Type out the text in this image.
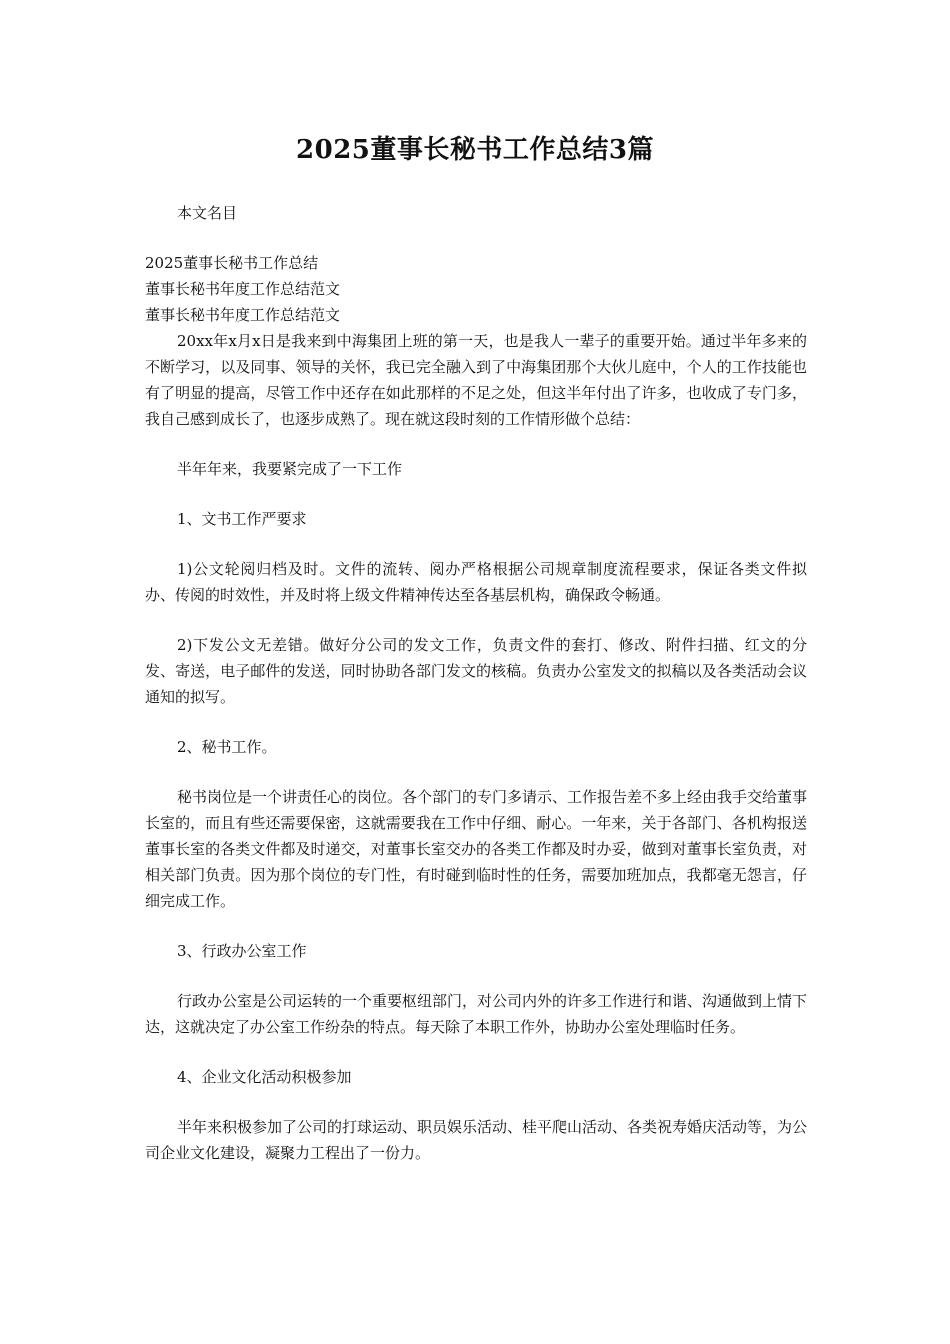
2025董事长秘书工作总结3篇

本文名目

2025董事长秘书工作总结

董事长秘书年度工作总结范文

董事长秘书年度工作总结范文

20xx年x月x日是我来到中海集团上班的第一天，也是我人一辈子的重要开始。通过半年多来的不断学习，以及同事、领导的关怀，我已完全融入到了中海集团那个大伙儿庭中，个人的工作技能也有了明显的提高，尽管工作中还存在如此那样的不足之处，但这半年付出了许多，也收成了专门多，我自己感到成长了，也逐步成熟了。现在就这段时刻的工作情形做个总结：

半年年来，我要紧完成了一下工作

1、文书工作严要求

1)公文轮阅归档及时。文件的流转、阅办严格根据公司规章制度流程要求，保证各类文件拟办、传阅的时效性，并及时将上级文件精神传达至各基层机构，确保政令畅通。

2)下发公文无差错。做好分公司的发文工作，负责文件的套打、修改、附件扫描、红文的分发、寄送，电子邮件的发送，同时协助各部门发文的核稿。负责办公室发文的拟稿以及各类活动会议通知的拟写。

2、秘书工作。

秘书岗位是一个讲责任心的岗位。各个部门的专门多请示、工作报告差不多上经由我手交给董事长室的，而且有些还需要保密，这就需要我在工作中仔细、耐心。一年来，关于各部门、各机构报送董事长室的各类文件都及时递交，对董事长室交办的各类工作都及时办妥，做到对董事长室负责，对相关部门负责。因为那个岗位的专门性，有时碰到临时性的任务，需要加班加点，我都毫无怨言，仔细完成工作。

3、行政办公室工作

行政办公室是公司运转的一个重要枢纽部门，对公司内外的许多工作进行和谐、沟通做到上情下达，这就决定了办公室工作纷杂的特点。每天除了本职工作外，协助办公室处理临时任务。

4、企业文化活动积极参加

半年来积极参加了公司的打球运动、职员娱乐活动、桂平爬山活动、各类祝寿婚庆活动等，为公司企业文化建设，凝聚力工程出了一份力。
